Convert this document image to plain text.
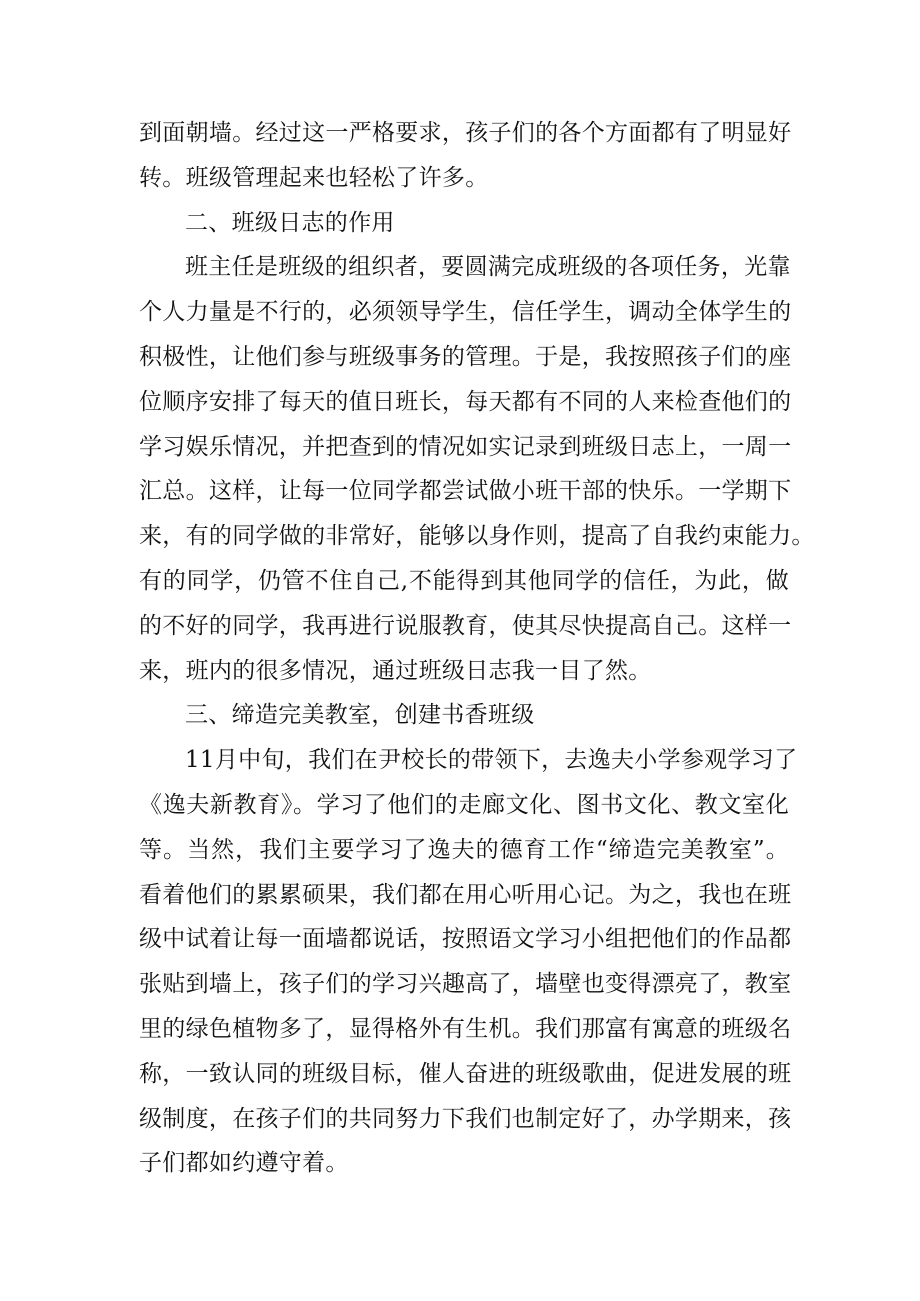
到面朝墙。经过这一严格要求，孩子们的各个方面都有了明显好
转。班级管理起来也轻松了许多。
二、班级日志的作用
班主任是班级的组织者，要圆满完成班级的各项任务，光靠
个人力量是不行的，必须领导学生，信任学生，调动全体学生的
积极性，让他们参与班级事务的管理。于是，我按照孩子们的座
位顺序安排了每天的值日班长，每天都有不同的人来检查他们的
学习娱乐情况，并把查到的情况如实记录到班级日志上，一周一
汇总。这样，让每一位同学都尝试做小班干部的快乐。一学期下
来，有的同学做的非常好，能够以身作则，提高了自我约束能力。
有的同学，仍管不住自己,不能得到其他同学的信任，为此，做
的不好的同学，我再进行说服教育，使其尽快提高自己。这样一
来，班内的很多情况，通过班级日志我一目了然。
三、缔造完美教室，创建书香班级
11月中旬，我们在尹校长的带领下，去逸夫小学参观学习了
《逸夫新教育》。学习了他们的走廊文化、图书文化、教文室化
等。当然，我们主要学习了逸夫的德育工作“缔造完美教室”。
看着他们的累累硕果，我们都在用心听用心记。为之，我也在班
级中试着让每一面墙都说话，按照语文学习小组把他们的作品都
张贴到墙上，孩子们的学习兴趣高了，墙壁也变得漂亮了，教室
里的绿色植物多了，显得格外有生机。我们那富有寓意的班级名
称，一致认同的班级目标，催人奋进的班级歌曲，促进发展的班
级制度，在孩子们的共同努力下我们也制定好了，办学期来，孩
子们都如约遵守着。
